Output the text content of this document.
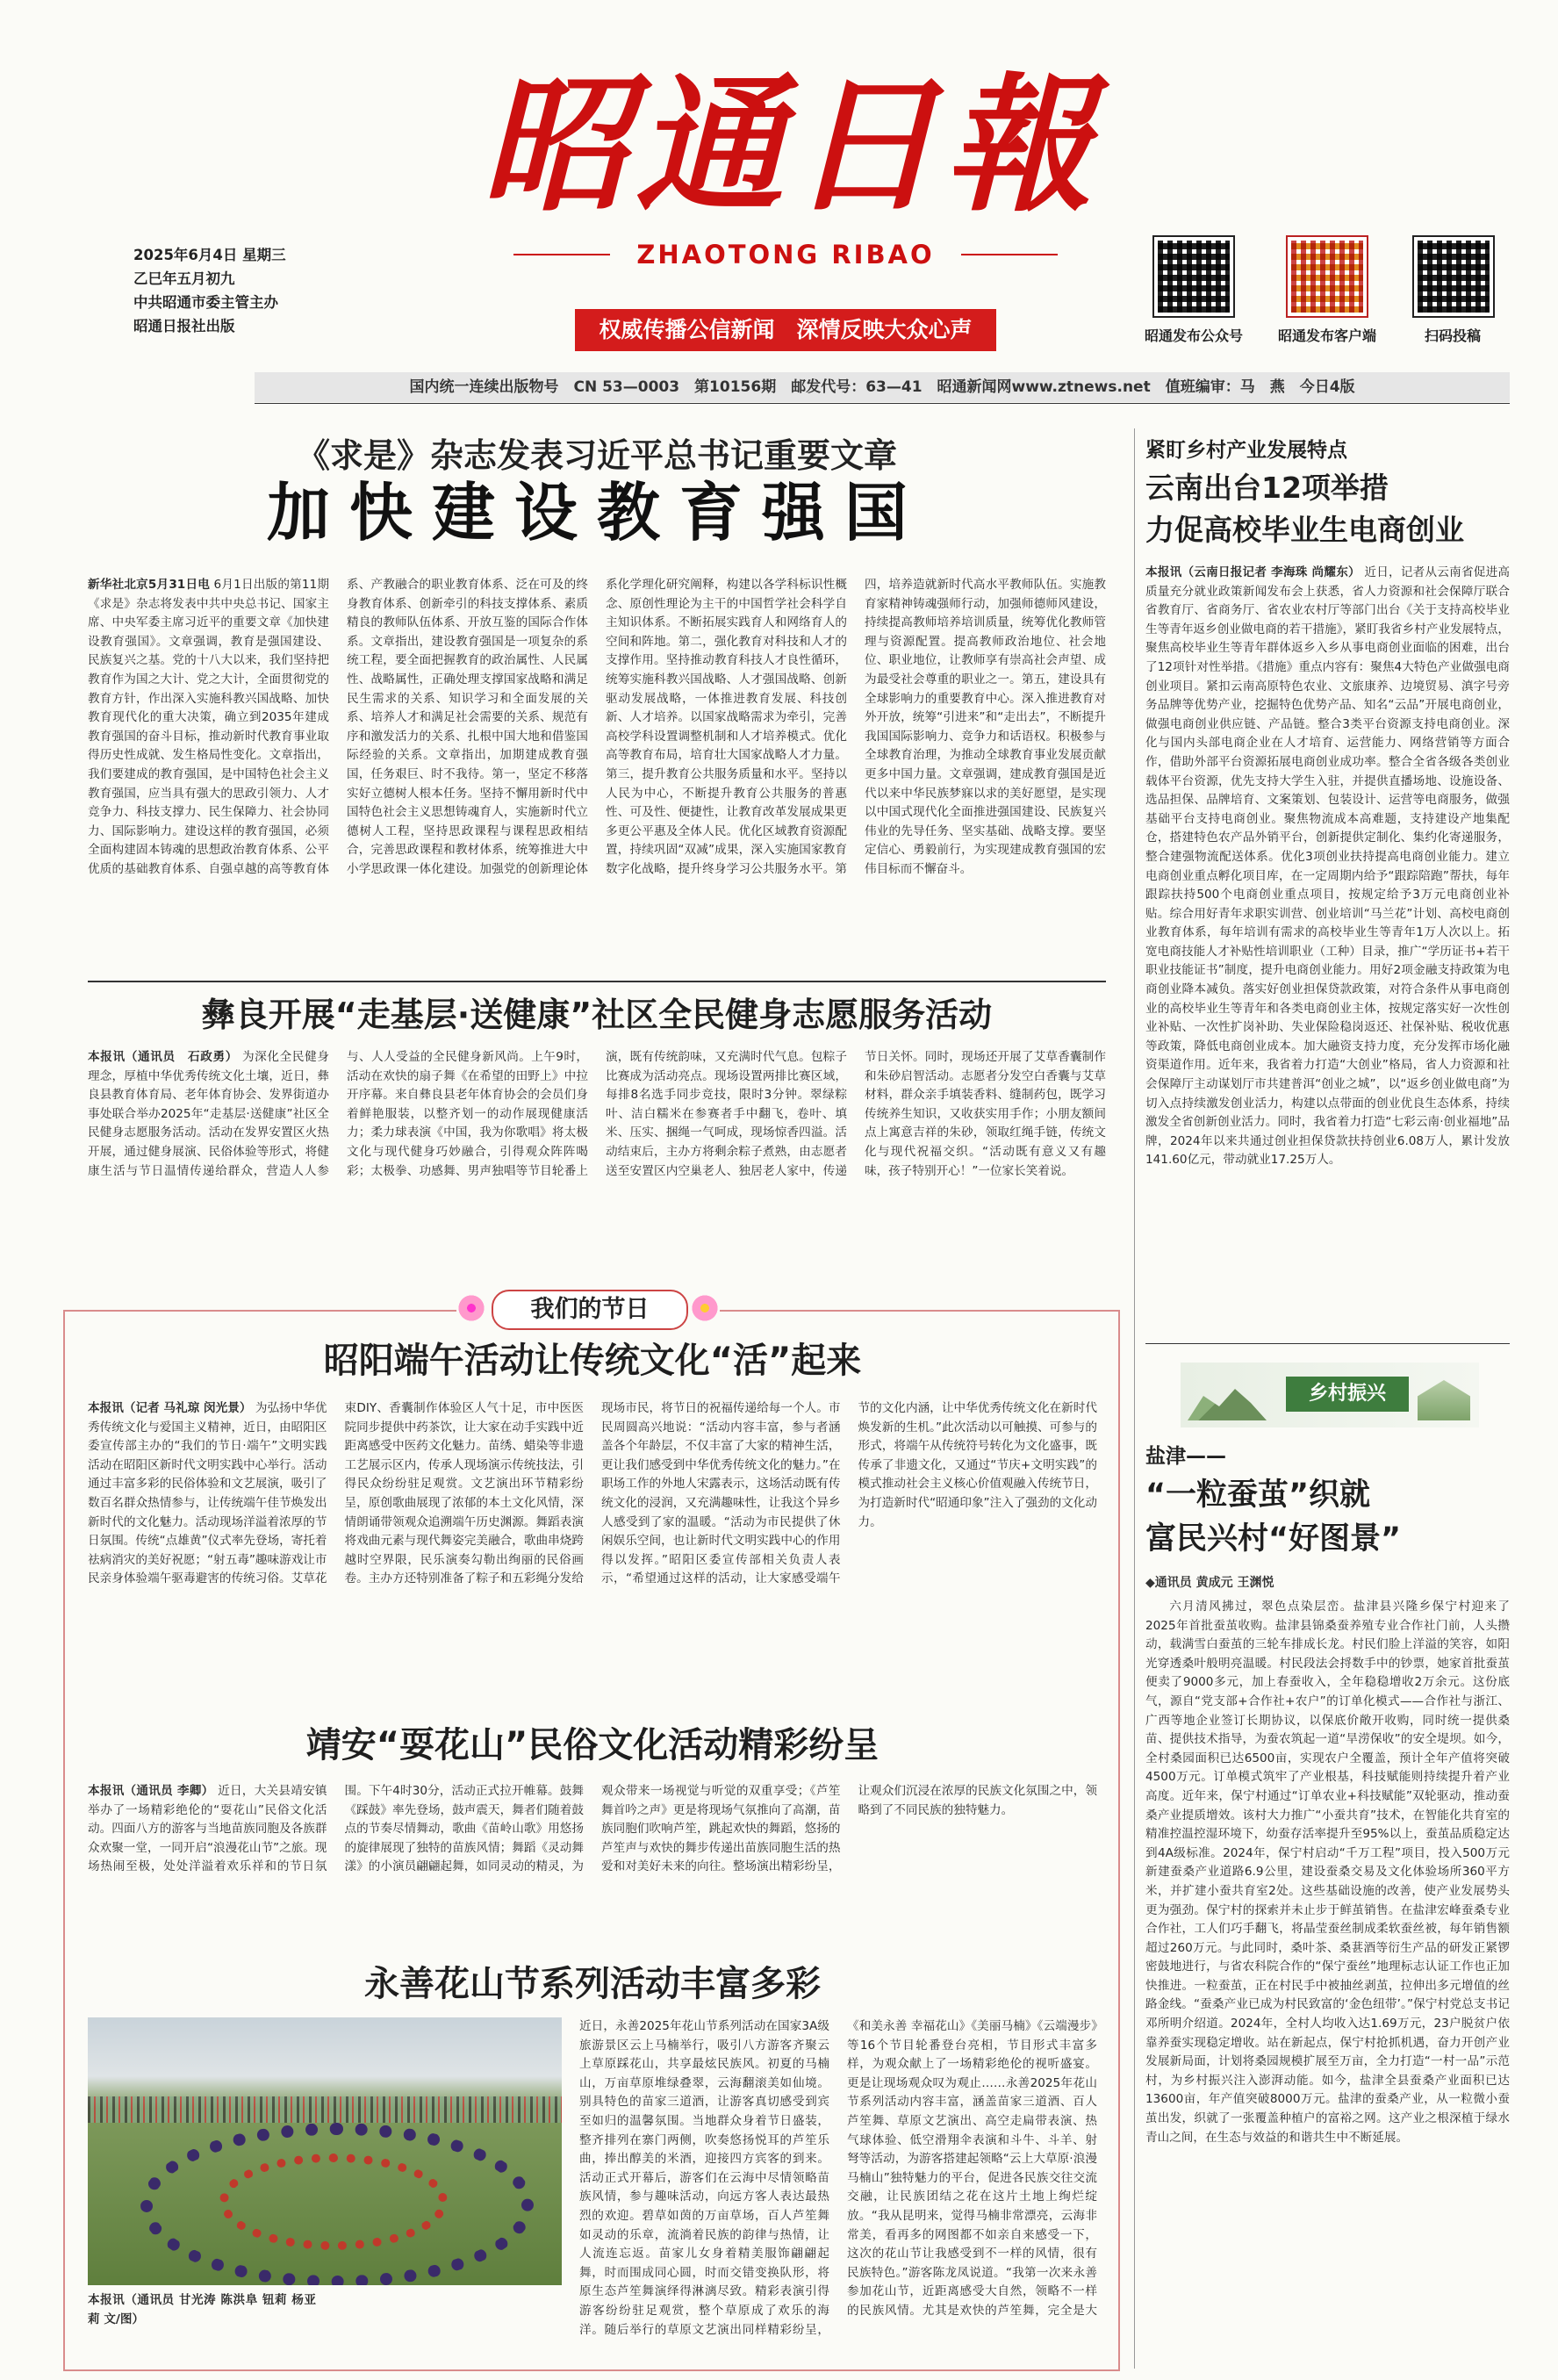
昭通日報
ZHAOTONG RIBAO
权威传播公信新闻　深情反映大众心声
2025年6月4日 星期三
乙巳年五月初九
中共昭通市委主管主办
昭通日报社出版
昭通发布公众号	昭通发布客户端	扫码投稿
国内统一连续出版物号　CN 53—0003　第10156期　邮发代号：63—41　昭通新闻网www.ztnews.net　值班编审：马　燕　今日4版
《求是》杂志发表习近平总书记重要文章
加快建设教育强国
新华社北京5月31日电 6月1日出版的第11期《求是》杂志将发表中共中央总书记、国家主席、中央军委主席习近平的重要文章《加快建设教育强国》。文章强调，教育是强国建设、民族复兴之基。党的十八大以来，我们坚持把教育作为国之大计、党之大计，全面贯彻党的教育方针，作出深入实施科教兴国战略、加快教育现代化的重大决策，确立到2035年建成教育强国的奋斗目标，推动新时代教育事业取得历史性成就、发生格局性变化。文章指出，我们要建成的教育强国，是中国特色社会主义教育强国，应当具有强大的思政引领力、人才竞争力、科技支撑力、民生保障力、社会协同力、国际影响力。建设这样的教育强国，必须全面构建固本铸魂的思想政治教育体系、公平优质的基础教育体系、自强卓越的高等教育体系、产教融合的职业教育体系、泛在可及的终身教育体系、创新牵引的科技支撑体系、素质精良的教师队伍体系、开放互鉴的国际合作体系。文章指出，建设教育强国是一项复杂的系统工程，要全面把握教育的政治属性、人民属性、战略属性，正确处理支撑国家战略和满足民生需求的关系、知识学习和全面发展的关系、培养人才和满足社会需要的关系、规范有序和激发活力的关系、扎根中国大地和借鉴国际经验的关系。文章指出，加期建成教育强国，任务艰巨、时不我待。第一，坚定不移落实好立德树人根本任务。坚持不懈用新时代中国特色社会主义思想铸魂育人，实施新时代立德树人工程，坚持思政课程与课程思政相结合，完善思政课程和教材体系，统筹推进大中小学思政课一体化建设。加强党的创新理论体系化学理化研究阐释，构建以各学科标识性概念、原创性理论为主干的中国哲学社会科学自主知识体系。不断拓展实践育人和网络育人的空间和阵地。第二，强化教育对科技和人才的支撑作用。坚持推动教育科技人才良性循环，统筹实施科教兴国战略、人才强国战略、创新驱动发展战略，一体推进教育发展、科技创新、人才培养。以国家战略需求为牵引，完善高校学科设置调整机制和人才培养模式。优化高等教育布局，培育壮大国家战略人才力量。第三，提升教育公共服务质量和水平。坚持以人民为中心，不断提升教育公共服务的普惠性、可及性、便捷性，让教育改革发展成果更多更公平惠及全体人民。优化区域教育资源配置，持续巩固“双减”成果，深入实施国家教育数字化战略，提升终身学习公共服务水平。第四，培养造就新时代高水平教师队伍。实施教育家精神铸魂强师行动，加强师德师风建设，持续提高教师培养培训质量，统筹优化教师管理与资源配置。提高教师政治地位、社会地位、职业地位，让教师享有崇高社会声望、成为最受社会尊重的职业之一。第五，建设具有全球影响力的重要教育中心。深入推进教育对外开放，统筹“引进来”和“走出去”，不断提升我国国际影响力、竞争力和话语权。积极参与全球教育治理，为推动全球教育事业发展贡献更多中国力量。文章强调，建成教育强国是近代以来中华民族梦寐以求的美好愿望，是实现以中国式现代化全面推进强国建设、民族复兴伟业的先导任务、坚实基础、战略支撑。要坚定信心、勇毅前行，为实现建成教育强国的宏伟目标而不懈奋斗。
彝良开展“走基层·送健康”社区全民健身志愿服务活动
本报讯（通讯员　石政勇） 为深化全民健身理念，厚植中华优秀传统文化土壤，近日，彝良县教育体育局、老年体育协会、发界街道办事处联合举办2025年“走基层·送健康”社区全民健身志愿服务活动。活动在发界安置区火热开展，通过健身展演、民俗体验等形式，将健康生活与节日温情传递给群众，营造人人参与、人人受益的全民健身新风尚。上午9时，活动在欢快的扇子舞《在希望的田野上》中拉开序幕。来自彝良县老年体育协会的会员们身着鲜艳服装，以整齐划一的动作展现健康活力；柔力球表演《中国，我为你歌唱》将太极文化与现代健身巧妙融合，引得观众阵阵喝彩；太极拳、功感舞、男声独唱等节目轮番上演，既有传统韵味，又充满时代气息。包粽子比赛成为活动亮点。现场设置两排比赛区域，每排8名选手同步竞技，限时3分钟。翠绿粽叶、洁白糯米在参赛者手中翻飞，卷叶、填米、压实、捆绳一气呵成，现场惊香四溢。活动结束后，主办方将剩余粽子煮熟，由志愿者送至安置区内空巢老人、独居老人家中，传递节日关怀。同时，现场还开展了艾草香囊制作和朱砂启智活动。志愿者分发空白香囊与艾草材料，群众亲手填装香料、缝制药包，既学习传统养生知识，又收获实用手作；小朋友额间点上寓意吉祥的朱砂，领取红绳手链，传统文化与现代祝福交织。“活动既有意义又有趣味，孩子特别开心！”一位家长笑着说。
我们的节日
昭阳端午活动让传统文化“活”起来
本报讯（记者 马礼琼 闵光景） 为弘扬中华优秀传统文化与爱国主义精神，近日，由昭阳区委宣传部主办的“我们的节日·端午”文明实践活动在昭阳区新时代文明实践中心举行。活动通过丰富多彩的民俗体验和文艺展演，吸引了数百名群众热情参与，让传统端午佳节焕发出新时代的文化魅力。活动现场洋溢着浓厚的节日氛围。传统“点雄黄”仪式率先登场，寄托着祛病消灾的美好祝愿；“射五毒”趣味游戏让市民亲身体验端午驱毒避害的传统习俗。艾草花束DIY、香囊制作体验区人气十足，市中医医院同步提供中药茶饮，让大家在动手实践中近距离感受中医药文化魅力。苗绣、蜡染等非遗工艺展示区内，传承人现场演示传统技法，引得民众纷纷驻足观赏。文艺演出环节精彩纷呈，原创歌曲展现了浓郁的本土文化风情，深情朗诵带领观众追溯端午历史渊源。舞蹈表演将戏曲元素与现代舞姿完美融合，歌曲串烧跨越时空界限，民乐演奏勾勒出绚丽的民俗画卷。主办方还特别准备了粽子和五彩绳分发给现场市民，将节日的祝福传递给每一个人。市民周圆高兴地说：“活动内容丰富，参与者涵盖各个年龄层，不仅丰富了大家的精神生活，更让我们感受到中华优秀传统文化的魅力。”在职场工作的外地人宋露表示，这场活动既有传统文化的浸润，又充满趣味性，让我这个异乡人感受到了家的温暖。“活动为市民提供了休闲娱乐空间，也让新时代文明实践中心的作用得以发挥。”昭阳区委宣传部相关负责人表示，“希望通过这样的活动，让大家感受端午节的文化内涵，让中华优秀传统文化在新时代焕发新的生机。”此次活动以可触摸、可参与的形式，将端午从传统符号转化为文化盛事，既传承了非遗文化，又通过“节庆+文明实践”的模式推动社会主义核心价值观融入传统节日，为打造新时代“昭通印象”注入了强劲的文化动力。
靖安“耍花山”民俗文化活动精彩纷呈
本报讯（通讯员 李卿） 近日，大关县靖安镇举办了一场精彩绝伦的“耍花山”民俗文化活动。四面八方的游客与当地苗族同胞及各族群众欢聚一堂，一同开启“浪漫花山节”之旅。现场热闹至极，处处洋溢着欢乐祥和的节日氛围。下午4时30分，活动正式拉开帷幕。鼓舞《踩鼓》率先登场，鼓声震天，舞者们随着鼓点的节奏尽情舞动，歌曲《苗岭山歌》用悠扬的旋律展现了独特的苗族风情；舞蹈《灵动舞漾》的小演员翩翩起舞，如同灵动的精灵，为观众带来一场视觉与听觉的双重享受；《芦笙舞首吟之声》更是将现场气氛推向了高潮，苗族同胞们吹响芦笙，跳起欢快的舞蹈，悠扬的芦笙声与欢快的舞步传递出苗族同胞生活的热爱和对美好未来的向往。整场演出精彩纷呈，让观众们沉浸在浓厚的民族文化氛围之中，领略到了不同民族的独特魅力。
永善花山节系列活动丰富多彩
本报讯（通讯员 甘光涛 陈洪阜 钮莉 杨亚莉 文/图）
近日，永善2025年花山节系列活动在国家3A级旅游景区云上马楠举行，吸引八方游客齐聚云上草原踩花山，共享最炫民族风。初夏的马楠山，万亩草原堆绿叠翠，云海翻滚美如仙境。别具特色的苗家三道酒，让游客真切感受到宾至如归的温馨氛围。当地群众身着节日盛装，整齐排列在寨门两侧，吹奏悠扬悦耳的芦笙乐曲，捧出醇美的米酒，迎接四方宾客的到来。活动正式开幕后，游客们在云海中尽情领略苗族风情，参与趣味活动，向远方客人表达最热烈的欢迎。碧草如茵的万亩草场，百人芦笙舞如灵动的乐章，流淌着民族的韵律与热情，让人流连忘返。苗家儿女身着精美服饰翩翩起舞，时而围成同心圆，时而交错变换队形，将原生态芦笙舞演绎得淋漓尽致。精彩表演引得游客纷纷驻足观赏，整个草原成了欢乐的海洋。随后举行的草原文艺演出同样精彩纷呈，《和美永善 幸福花山》《美丽马楠》《云端漫步》等16个节目轮番登台亮相，节目形式丰富多样，为观众献上了一场精彩绝伦的视听盛宴。更是让现场观众叹为观止……永善2025年花山节系列活动内容丰富，涵盖苗家三道酒、百人芦笙舞、草原文艺演出、高空走扁带表演、热气球体验、低空滑翔伞表演和斗牛、斗羊、射弩等活动，为游客搭建起领略“云上大草原·浪漫马楠山”独特魅力的平台，促进各民族交往交流交融，让民族团结之花在这片土地上绚烂绽放。“我从昆明来，觉得马楠非常漂亮，云海非常美，看再多的网图都不如亲自来感受一下，这次的花山节让我感受到不一样的风情，很有民族特色。”游客陈龙凤说道。“我第一次来永善参加花山节，近距离感受大自然，领略不一样的民族风情。尤其是欢快的芦笙舞，完全是大
紧盯乡村产业发展特点
云南出台12项举措
力促高校毕业生电商创业
本报讯（云南日报记者 李海珠 尚耀东） 近日，记者从云南省促进高质量充分就业政策新闻发布会上获悉，省人力资源和社会保障厅联合省教育厅、省商务厅、省农业农村厅等部门出台《关于支持高校毕业生等青年返乡创业做电商的若干措施》，紧盯我省乡村产业发展特点，聚焦高校毕业生等青年群体返乡入乡从事电商创业面临的困难，出台了12项针对性举措。《措施》重点内容有：聚焦4大特色产业做强电商创业项目。紧扣云南高原特色农业、文旅康养、边境贸易、滇字号旁务品牌等优势产业，挖掘特色优势产品、知名“云品”开展电商创业，做强电商创业供应链、产品链。整合3类平台资源支持电商创业。深化与国内头部电商企业在人才培育、运营能力、网络营销等方面合作，借助外部平台资源拓展电商创业成功率。整合全省各级各类创业载体平台资源，优先支持大学生入驻，并提供直播场地、设施设备、选品担保、品牌培育、文案策划、包装设计、运营等电商服务，做强基础平台支持电商创业。聚焦物流成本高难题，支持建设产地集配仓，搭建特色农产品外销平台，创新提供定制化、集约化寄递服务，整合建强物流配送体系。优化3项创业扶持提高电商创业能力。建立电商创业重点孵化项目库，在一定周期内给予“跟踪陪跑”帮扶，每年跟踪扶持500个电商创业重点项目，按规定给予3万元电商创业补贴。综合用好青年求职实训营、创业培训“马兰花”计划、高校电商创业教育体系，每年培训有需求的高校毕业生等青年1万人次以上。拓宽电商技能人才补贴性培训职业（工种）目录，推广“学历证书+若干职业技能证书”制度，提升电商创业能力。用好2项金融支持政策为电商创业降本减负。落实好创业担保贷款政策，对符合条件从事电商创业的高校毕业生等青年和各类电商创业主体，按规定落实好一次性创业补贴、一次性扩岗补助、失业保险稳岗返还、社保补贴、税收优惠等政策，降低电商创业成本。加大融资支持力度，充分发挥市场化融资渠道作用。近年来，我省着力打造“大创业”格局，省人力资源和社会保障厅主动谋划厅市共建普洱“创业之城”，以“返乡创业做电商”为切入点持续激发创业活力，构建以点带面的创业优良生态体系，持续激发全省创新创业活力。同时，我省着力打造“七彩云南·创业福地”品牌，2024年以来共通过创业担保贷款扶持创业6.08万人，累计发放141.60亿元，带动就业17.25万人。
乡村振兴
盐津——
“一粒蚕茧”织就
富民兴村“好图景”
◆通讯员 黄成元 王渊悦
六月清风拂过，翠色点染层峦。盐津县兴隆乡保宁村迎来了2025年首批蚕茧收购。盐津县锦桑蚕养殖专业合作社门前，人头攒动，载满雪白蚕茧的三轮车排成长龙。村民们脸上洋溢的笑容，如阳光穿透桑叶般明亮温暖。村民段法会捋数手中的钞票，她家首批蚕茧便卖了9000多元，加上春蚕收入，全年稳稳增收2万余元。这份底气，源自“党支部+合作社+农户”的订单化模式——合作社与浙江、广西等地企业签订长期协议，以保底价敞开收购，同时统一提供桑苗、提供技术指导，为蚕农筑起一道“旱涝保收”的安全堤坝。如今，全村桑园面积已达6500亩，实现农户全覆盖，预计全年产值将突破4500万元。订单模式筑牢了产业根基，科技赋能则持续提升着产业高度。近年来，保宁村通过“订单农业+科技赋能”双轮驱动，推动蚕桑产业提质增效。该村大力推广“小蚕共育”技术，在智能化共育室的精准控温控湿环境下，幼蚕存活率提升至95%以上，蚕茧品质稳定达到4A级标准。2024年，保宁村启动“千万工程”项目，投入500万元新建蚕桑产业道路6.9公里，建设蚕桑交易及文化体验场所360平方米，并扩建小蚕共育室2处。这些基础设施的改善，使产业发展势头更为强劲。保宁村的探索并未止步于鲜茧销售。在盐津宏峰蚕桑专业合作社，工人们巧手翻飞，将晶莹蚕丝制成柔软蚕丝被，每年销售额超过260万元。与此同时，桑叶茶、桑葚酒等衍生产品的研发正紧锣密鼓地进行，与省农科院合作的“保宁蚕丝”地理标志认证工作也正加快推进。一粒蚕茧，正在村民手中被抽丝剥茧，拉伸出多元增值的丝路金线。“蚕桑产业已成为村民致富的‘金色纽带’。”保宁村党总支书记邓所明介绍道。2024年，全村人均收入达1.69万元，23户脱贫户依靠养蚕实现稳定增收。站在新起点，保宁村抢抓机遇，奋力开创产业发展新局面，计划将桑园规模扩展至万亩，全力打造“一村一品”示范村，为乡村振兴注入澎湃动能。如今，盐津全县蚕桑产业面积已达13600亩，年产值突破8000万元。盐津的蚕桑产业，从一粒微小蚕茧出发，织就了一张覆盖种植户的富裕之网。这产业之根深植于绿水青山之间，在生态与效益的和谐共生中不断延展。
